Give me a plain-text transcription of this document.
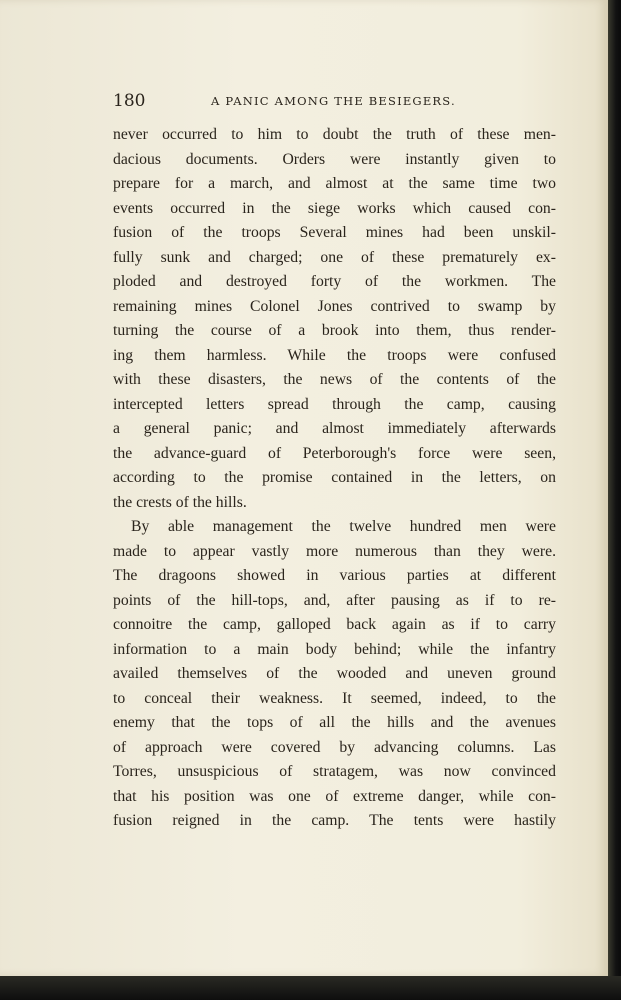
180	A PANIC AMONG THE BESIEGERS.
never occurred to him to doubt the truth of these men-
dacious documents. Orders were instantly given to
prepare for a march, and almost at the same time two
events occurred in the siege works which caused con-
fusion of the troops Several mines had been unskil-
fully sunk and charged; one of these prematurely ex-
ploded and destroyed forty of the workmen. The
remaining mines Colonel Jones contrived to swamp by
turning the course of a brook into them, thus render-
ing them harmless. While the troops were confused
with these disasters, the news of the contents of the
intercepted letters spread through the camp, causing
a general panic; and almost immediately afterwards
the advance-guard of Peterborough's force were seen,
according to the promise contained in the letters, on
the crests of the hills.
By able management the twelve hundred men were
made to appear vastly more numerous than they were.
The dragoons showed in various parties at different
points of the hill-tops, and, after pausing as if to re-
connoitre the camp, galloped back again as if to carry
information to a main body behind; while the infantry
availed themselves of the wooded and uneven ground
to conceal their weakness. It seemed, indeed, to the
enemy that the tops of all the hills and the avenues
of approach were covered by advancing columns. Las
Torres, unsuspicious of stratagem, was now convinced
that his position was one of extreme danger, while con-
fusion reigned in the camp. The tents were hastily
